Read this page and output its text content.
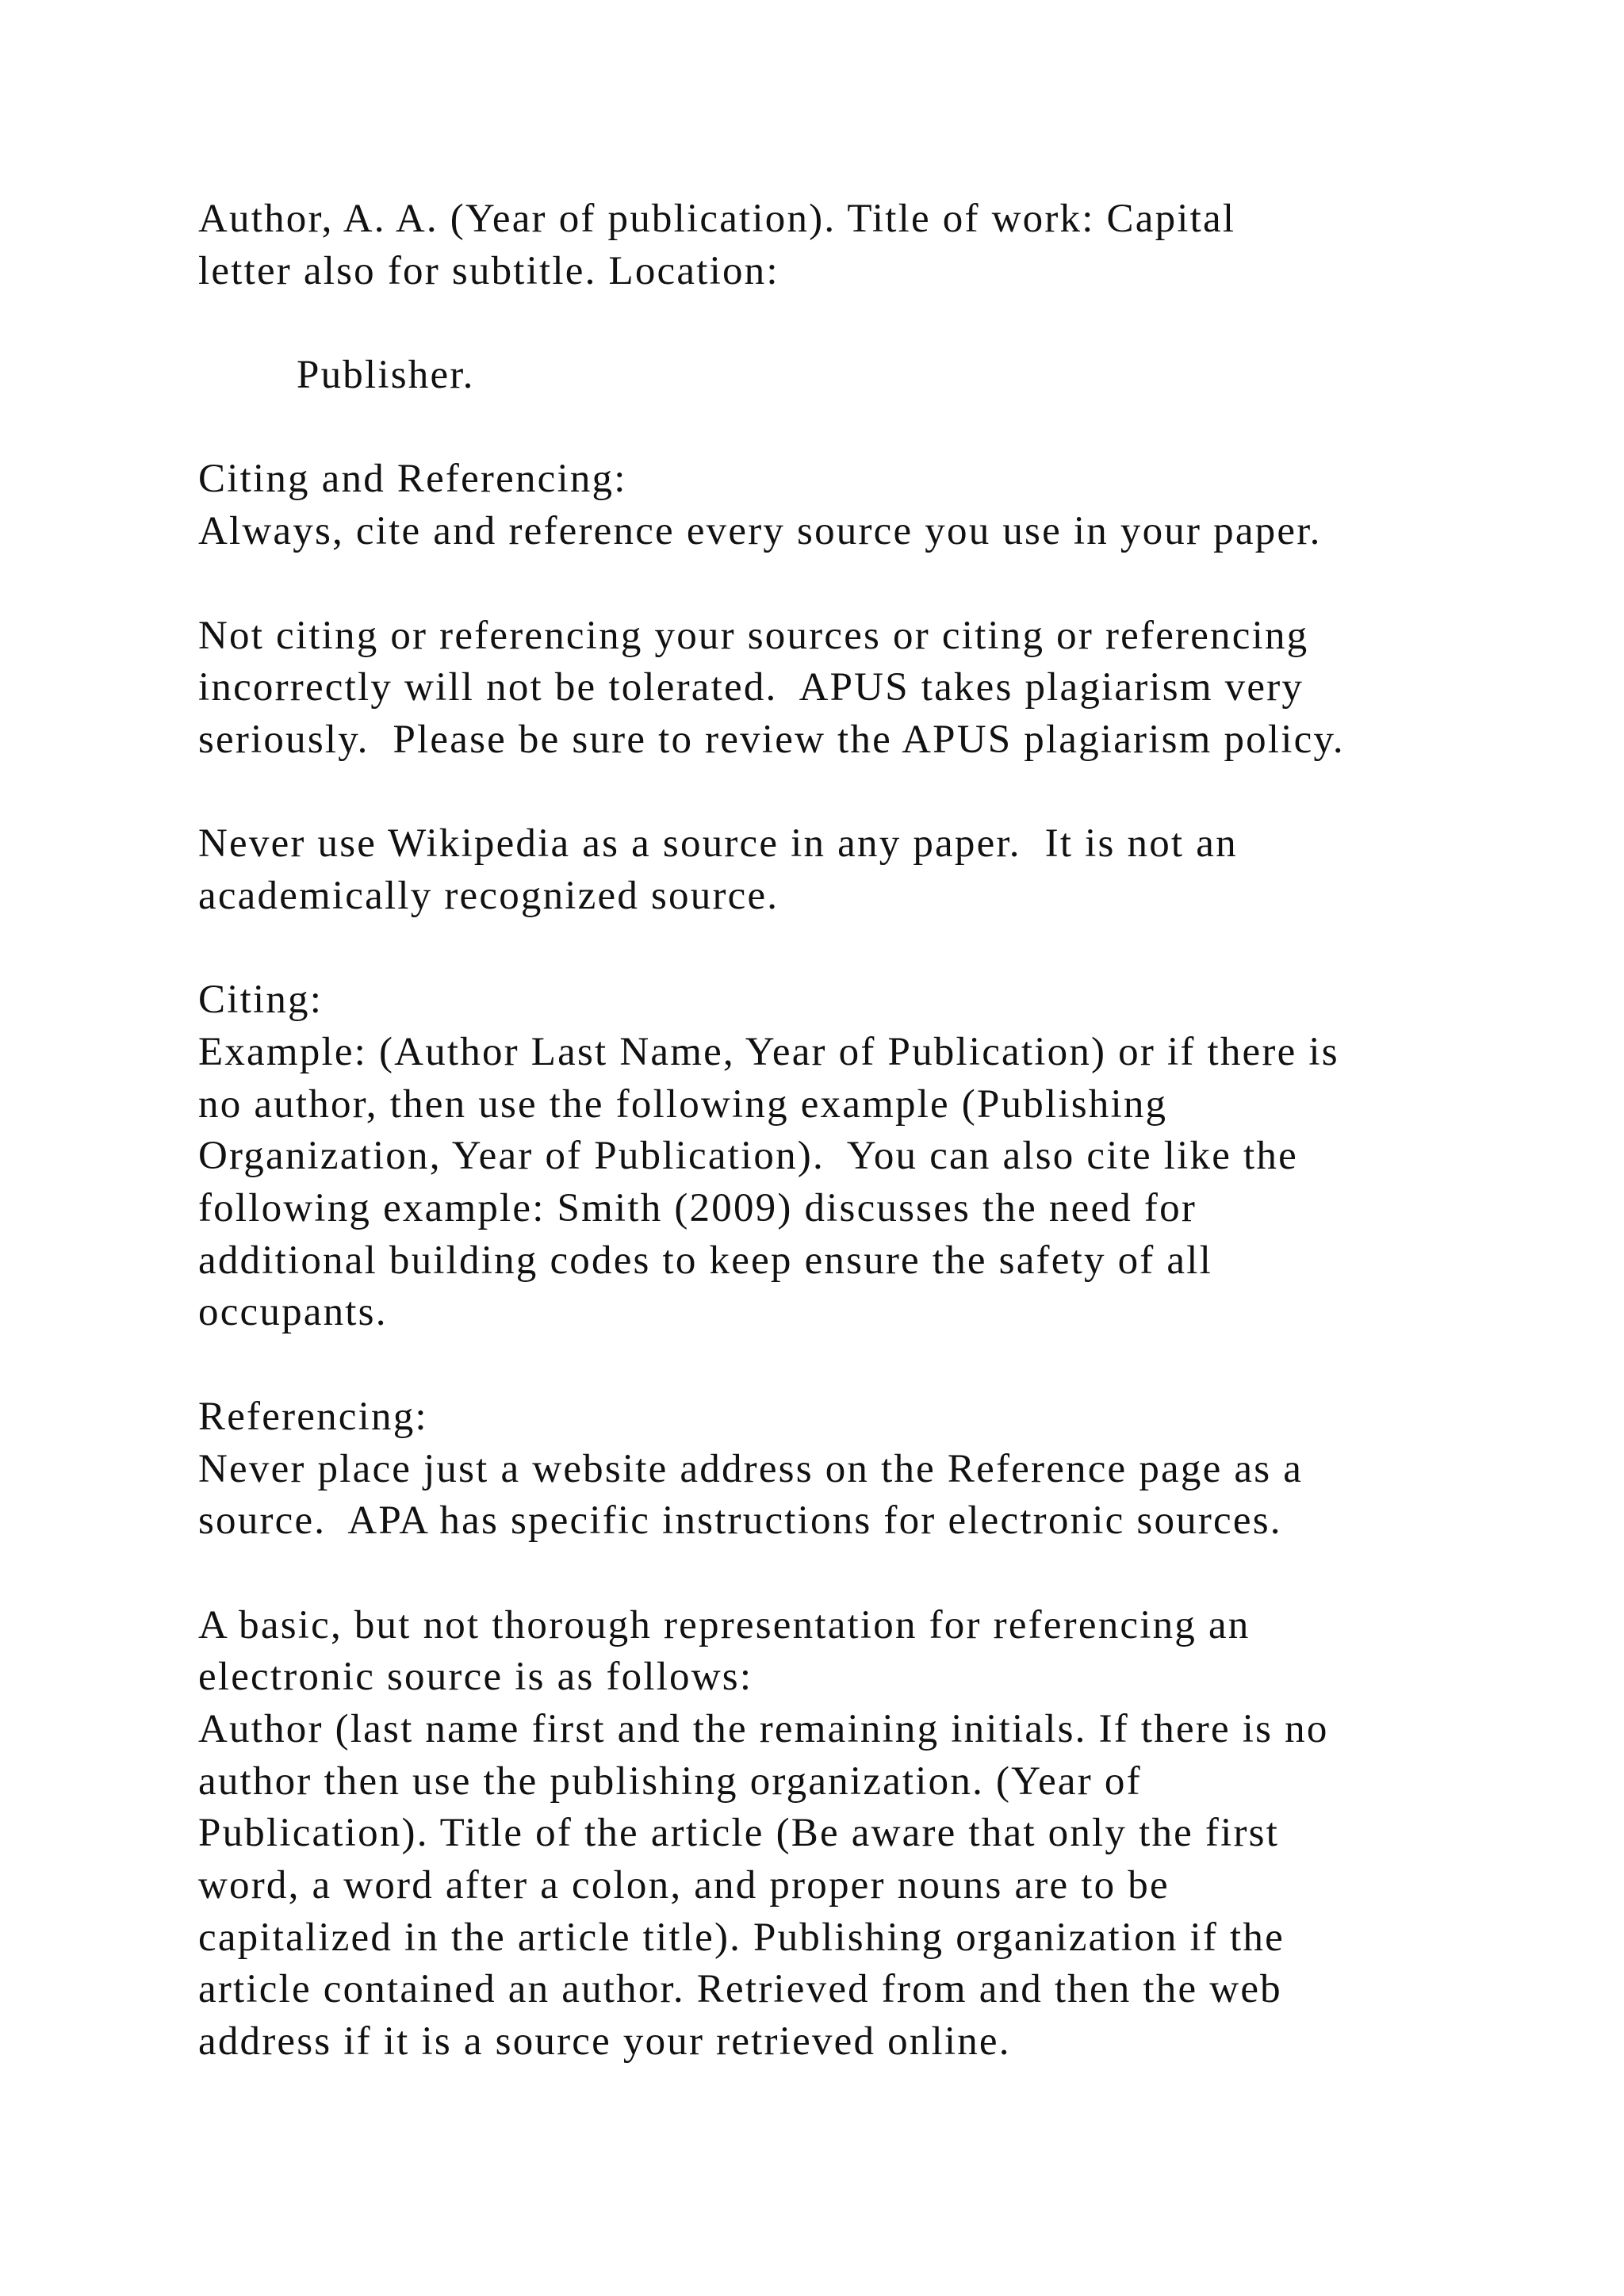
Author, A. A. (Year of publication). Title of work: Capital
letter also for subtitle. Location:
Publisher.
Citing and Referencing:
Always, cite and reference every source you use in your paper.
Not citing or referencing your sources or citing or referencing
incorrectly will not be tolerated.  APUS takes plagiarism very
seriously.  Please be sure to review the APUS plagiarism policy.
Never use Wikipedia as a source in any paper.  It is not an
academically recognized source.
Citing:
Example: (Author Last Name, Year of Publication) or if there is
no author, then use the following example (Publishing
Organization, Year of Publication).  You can also cite like the
following example: Smith (2009) discusses the need for
additional building codes to keep ensure the safety of all
occupants.
Referencing:
Never place just a website address on the Reference page as a
source.  APA has specific instructions for electronic sources.
A basic, but not thorough representation for referencing an
electronic source is as follows:
Author (last name first and the remaining initials. If there is no
author then use the publishing organization. (Year of
Publication). Title of the article (Be aware that only the first
word, a word after a colon, and proper nouns are to be
capitalized in the article title). Publishing organization if the
article contained an author. Retrieved from and then the web
address if it is a source your retrieved online.
